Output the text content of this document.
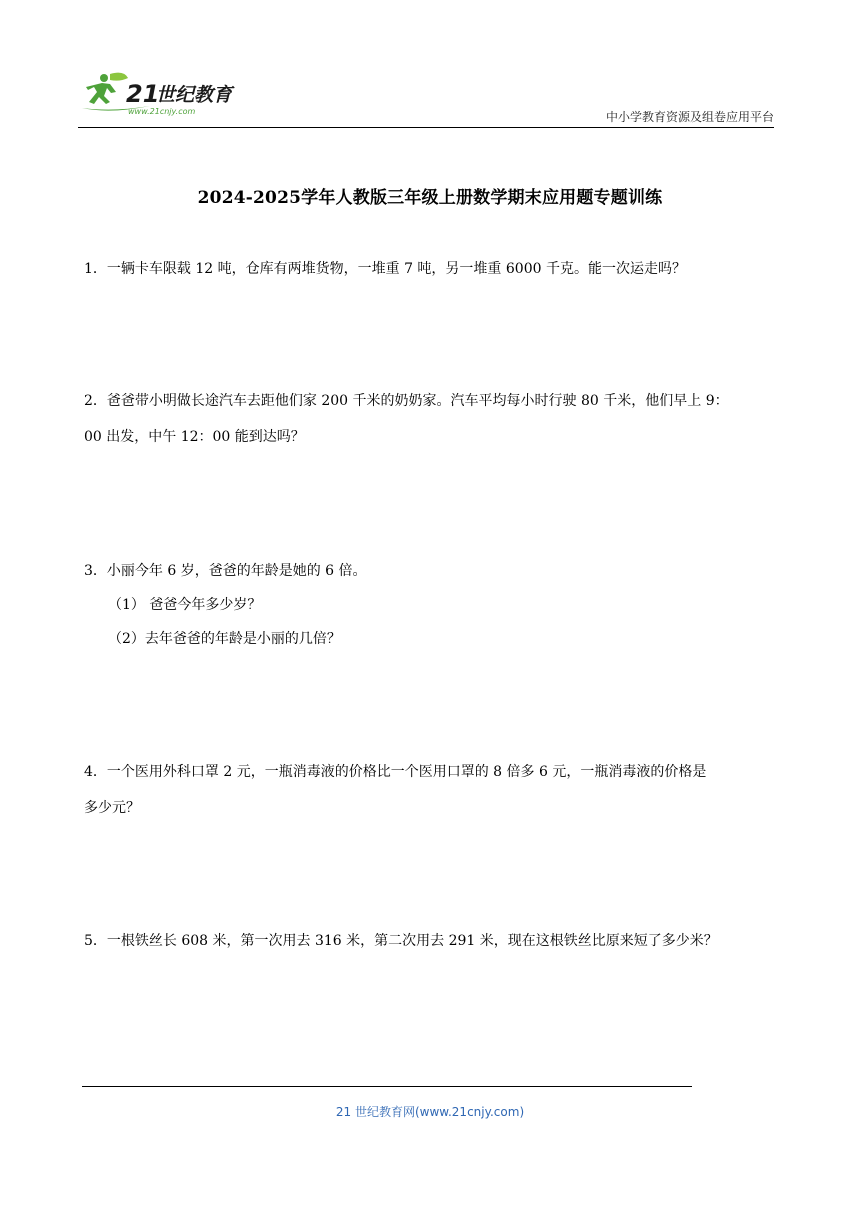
21
世纪教育
www.21cnjy.com	中小学教育资源及组卷应用平台
2024-2025学年人教版三年级上册数学期末应用题专题训练
1．一辆卡车限载 12 吨，仓库有两堆货物，一堆重 7 吨，另一堆重 6000 千克。能一次运走吗？
2．爸爸带小明做长途汽车去距他们家 200 千米的奶奶家。汽车平均每小时行驶 80 千米，他们早上 9：
00 出发，中午 12：00 能到达吗？
3．小丽今年 6 岁，爸爸的年龄是她的 6 倍。
（1） 爸爸今年多少岁？
（2）去年爸爸的年龄是小丽的几倍？
4．一个医用外科口罩 2 元，一瓶消毒液的价格比一个医用口罩的 8 倍多 6 元，一瓶消毒液的价格是
多少元？
5．一根铁丝长 608 米，第一次用去 316 米，第二次用去 291 米，现在这根铁丝比原来短了多少米？
21 世纪教育网(www.21cnjy.com)
